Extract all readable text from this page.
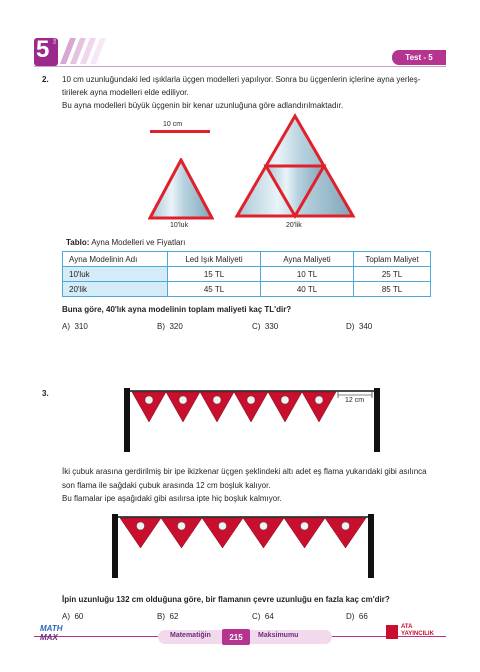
5 SINIF
Test - 5
2. 10 cm uzunluğundaki led ışıklarla üçgen modelleri yapılıyor. Sonra bu üçgenlerin içlerine ayna yerleş-
tirilerek ayna modelleri elde ediliyor.
Bu ayna modelleri büyük üçgenin bir kenar uzunluğuna göre adlandırılmaktadır.
10 cm
10'luk	20'lik
Tablo: Ayna Modelleri ve Fiyatları
Ayna Modelinin Adı	Led Işık Maliyeti	Ayna Maliyeti	Toplam Maliyet
10'luk	15 TL	10 TL	25 TL
20'lik	45 TL	40 TL	85 TL
Buna göre, 40'lık ayna modelinin toplam maliyeti kaç TL'dir?
A) 310	B) 320	C) 330	D) 340
3.
12 cm
İki çubuk arasına gerdirilmiş bir ipe ikizkenar üçgen şeklindeki altı adet eş flama yukarıdaki gibi asılınca
son flama ile sağdaki çubuk arasında 12 cm boşluk kalıyor.
Bu flamalar ipe aşağıdaki gibi asılırsa ipte hiç boşluk kalmıyor.
İpin uzunluğu 132 cm olduğuna göre, bir flamanın çevre uzunluğu en fazla kaç cm'dir?
A) 60	B) 62	C) 64	D) 66
MATH
MAX	Matematiğin	215	Maksimumu
ATA
YAYINCILIK
